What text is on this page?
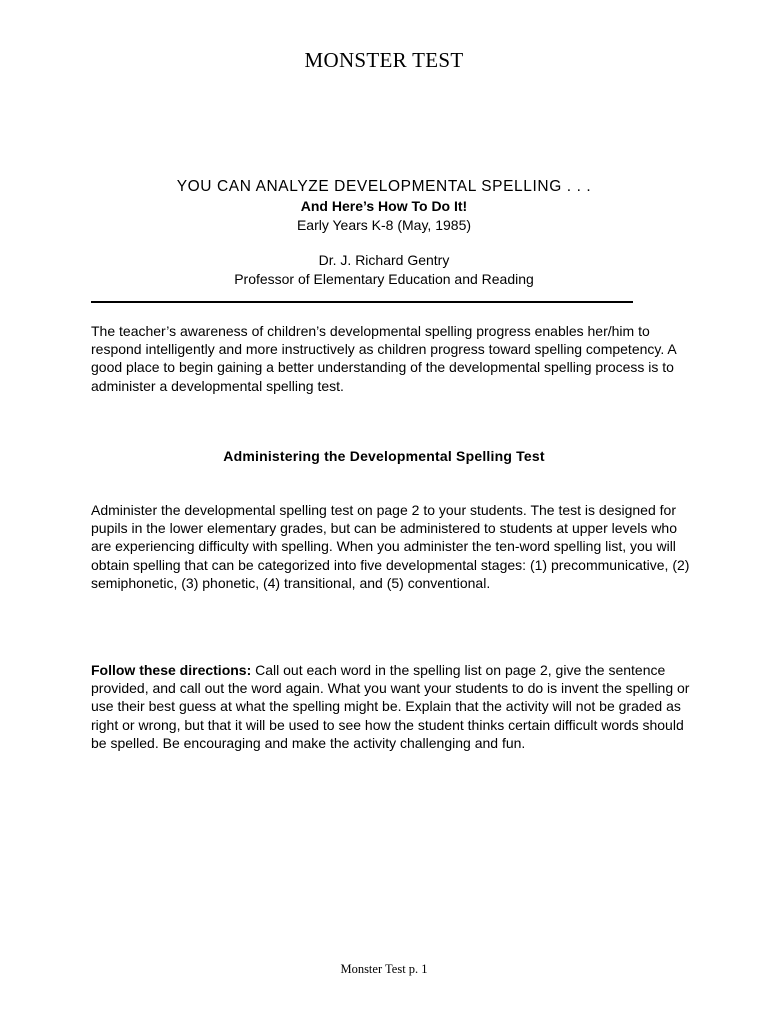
MONSTER TEST
YOU CAN ANALYZE DEVELOPMENTAL SPELLING . . .
And Here’s How To Do It!
Early Years K-8 (May, 1985)
Dr. J. Richard Gentry
Professor of Elementary Education and Reading

The teacher’s awareness of children’s developmental spelling progress enables her/him to respond intelligently and more instructively as children progress toward spelling competency. A good place to begin gaining a better understanding of the developmental spelling process is to administer a developmental spelling test.

Administering the Developmental Spelling Test

Administer the developmental spelling test on page 2 to your students. The test is designed for pupils in the lower elementary grades, but can be administered to students at upper levels who are experiencing difficulty with spelling. When you administer the ten-word spelling list, you will obtain spelling that can be categorized into five developmental stages: (1) precommunicative, (2) semiphonetic, (3) phonetic, (4) transitional, and (5) conventional.

Follow these directions: Call out each word in the spelling list on page 2, give the sentence provided, and call out the word again. What you want your students to do is invent the spelling or use their best guess at what the spelling might be. Explain that the activity will not be graded as right or wrong, but that it will be used to see how the student thinks certain difficult words should be spelled. Be encouraging and make the activity challenging and fun.

Monster Test p. 1
